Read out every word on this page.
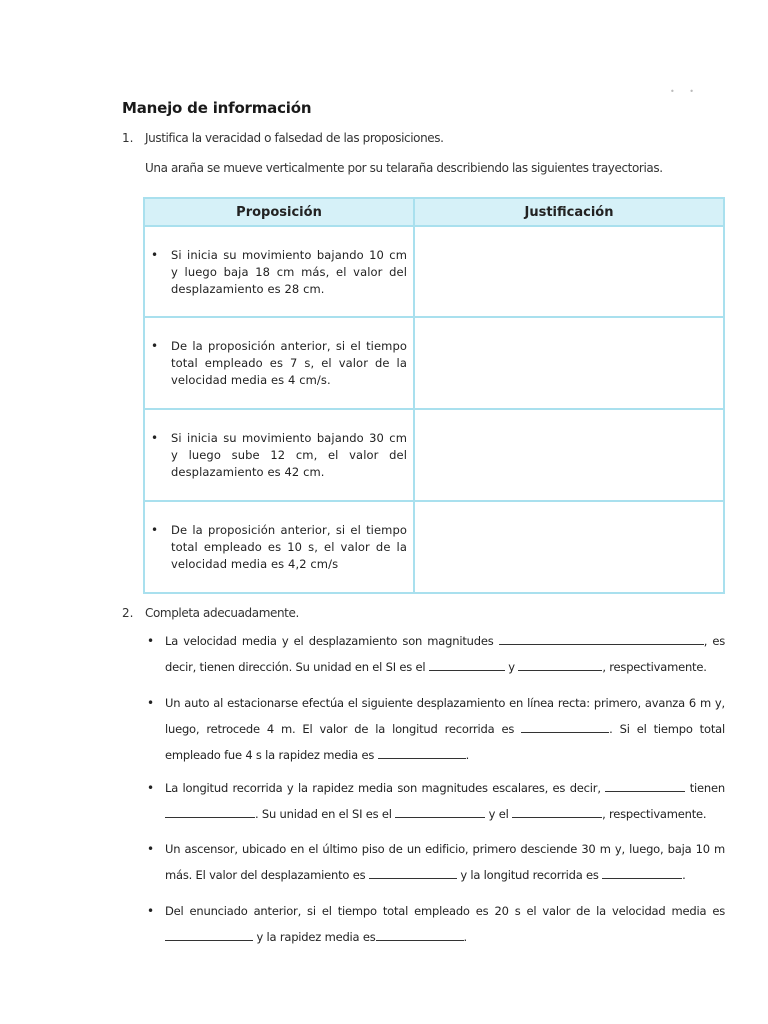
• •
Manejo de información
1. Justifica la veracidad o falsedad de las proposiciones.
Una araña se mueve verticalmente por su telaraña describiendo las siguientes trayectorias.
Proposición	Justificación

• Si inicia su movimiento bajando 10 cm y luego baja 18 cm más, el valor del desplazamiento es 28 cm.	

• De la proposición anterior, si el tiempo total empleado es 7 s, el valor de la velocidad media es 4 cm/s.	

• Si inicia su movimiento bajando 30 cm y luego sube 12 cm, el valor del desplazamiento es 42 cm.	

• De la proposición anterior, si el tiempo total empleado es 10 s, el valor de la velocidad media es 4,2 cm/s	

2. Completa adecuadamente.
• La velocidad media y el desplazamiento son magnitudes	, es decir, tienen dirección. Su unidad en el SI es el	y	, respectivamente.
• Un auto al estacionarse efectúa el siguiente desplazamiento en línea recta: primero, avanza 6 m y, luego, retrocede 4 m. El valor de la longitud recorrida es	. Si el tiempo total empleado fue 4 s la rapidez media es	.
• La longitud recorrida y la rapidez media son magnitudes escalares, es decir,	tienen . Su unidad en el SI es el	y el	, respectivamente.
• Un ascensor, ubicado en el último piso de un edificio, primero desciende 30 m y, luego, baja 10 m más. El valor del desplazamiento es	y la longitud recorrida es	.
• Del enunciado anterior, si el tiempo total empleado es 20 s el valor de la velocidad media es  y la rapidez media es	.
